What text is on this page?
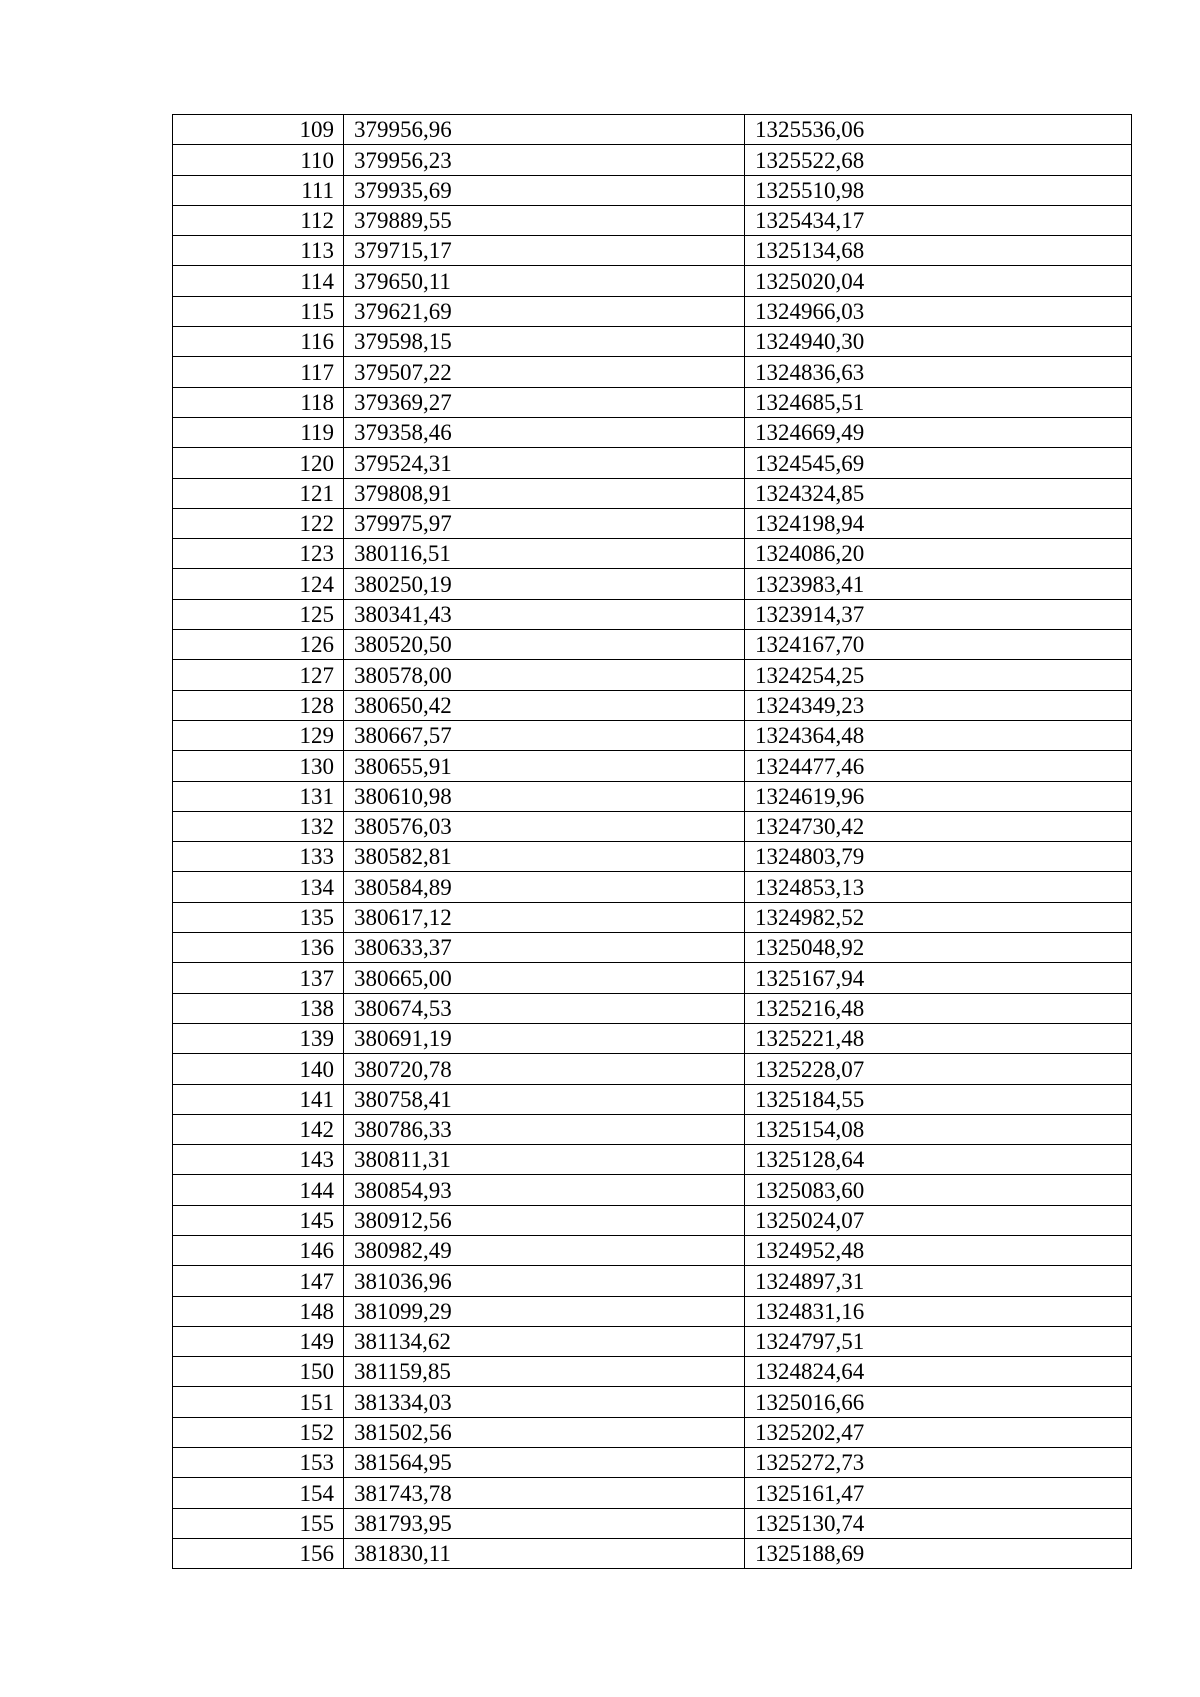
109	379956,96	1325536,06
110	379956,23	1325522,68
111	379935,69	1325510,98
112	379889,55	1325434,17
113	379715,17	1325134,68
114	379650,11	1325020,04
115	379621,69	1324966,03
116	379598,15	1324940,30
117	379507,22	1324836,63
118	379369,27	1324685,51
119	379358,46	1324669,49
120	379524,31	1324545,69
121	379808,91	1324324,85
122	379975,97	1324198,94
123	380116,51	1324086,20
124	380250,19	1323983,41
125	380341,43	1323914,37
126	380520,50	1324167,70
127	380578,00	1324254,25
128	380650,42	1324349,23
129	380667,57	1324364,48
130	380655,91	1324477,46
131	380610,98	1324619,96
132	380576,03	1324730,42
133	380582,81	1324803,79
134	380584,89	1324853,13
135	380617,12	1324982,52
136	380633,37	1325048,92
137	380665,00	1325167,94
138	380674,53	1325216,48
139	380691,19	1325221,48
140	380720,78	1325228,07
141	380758,41	1325184,55
142	380786,33	1325154,08
143	380811,31	1325128,64
144	380854,93	1325083,60
145	380912,56	1325024,07
146	380982,49	1324952,48
147	381036,96	1324897,31
148	381099,29	1324831,16
149	381134,62	1324797,51
150	381159,85	1324824,64
151	381334,03	1325016,66
152	381502,56	1325202,47
153	381564,95	1325272,73
154	381743,78	1325161,47
155	381793,95	1325130,74
156	381830,11	1325188,69
